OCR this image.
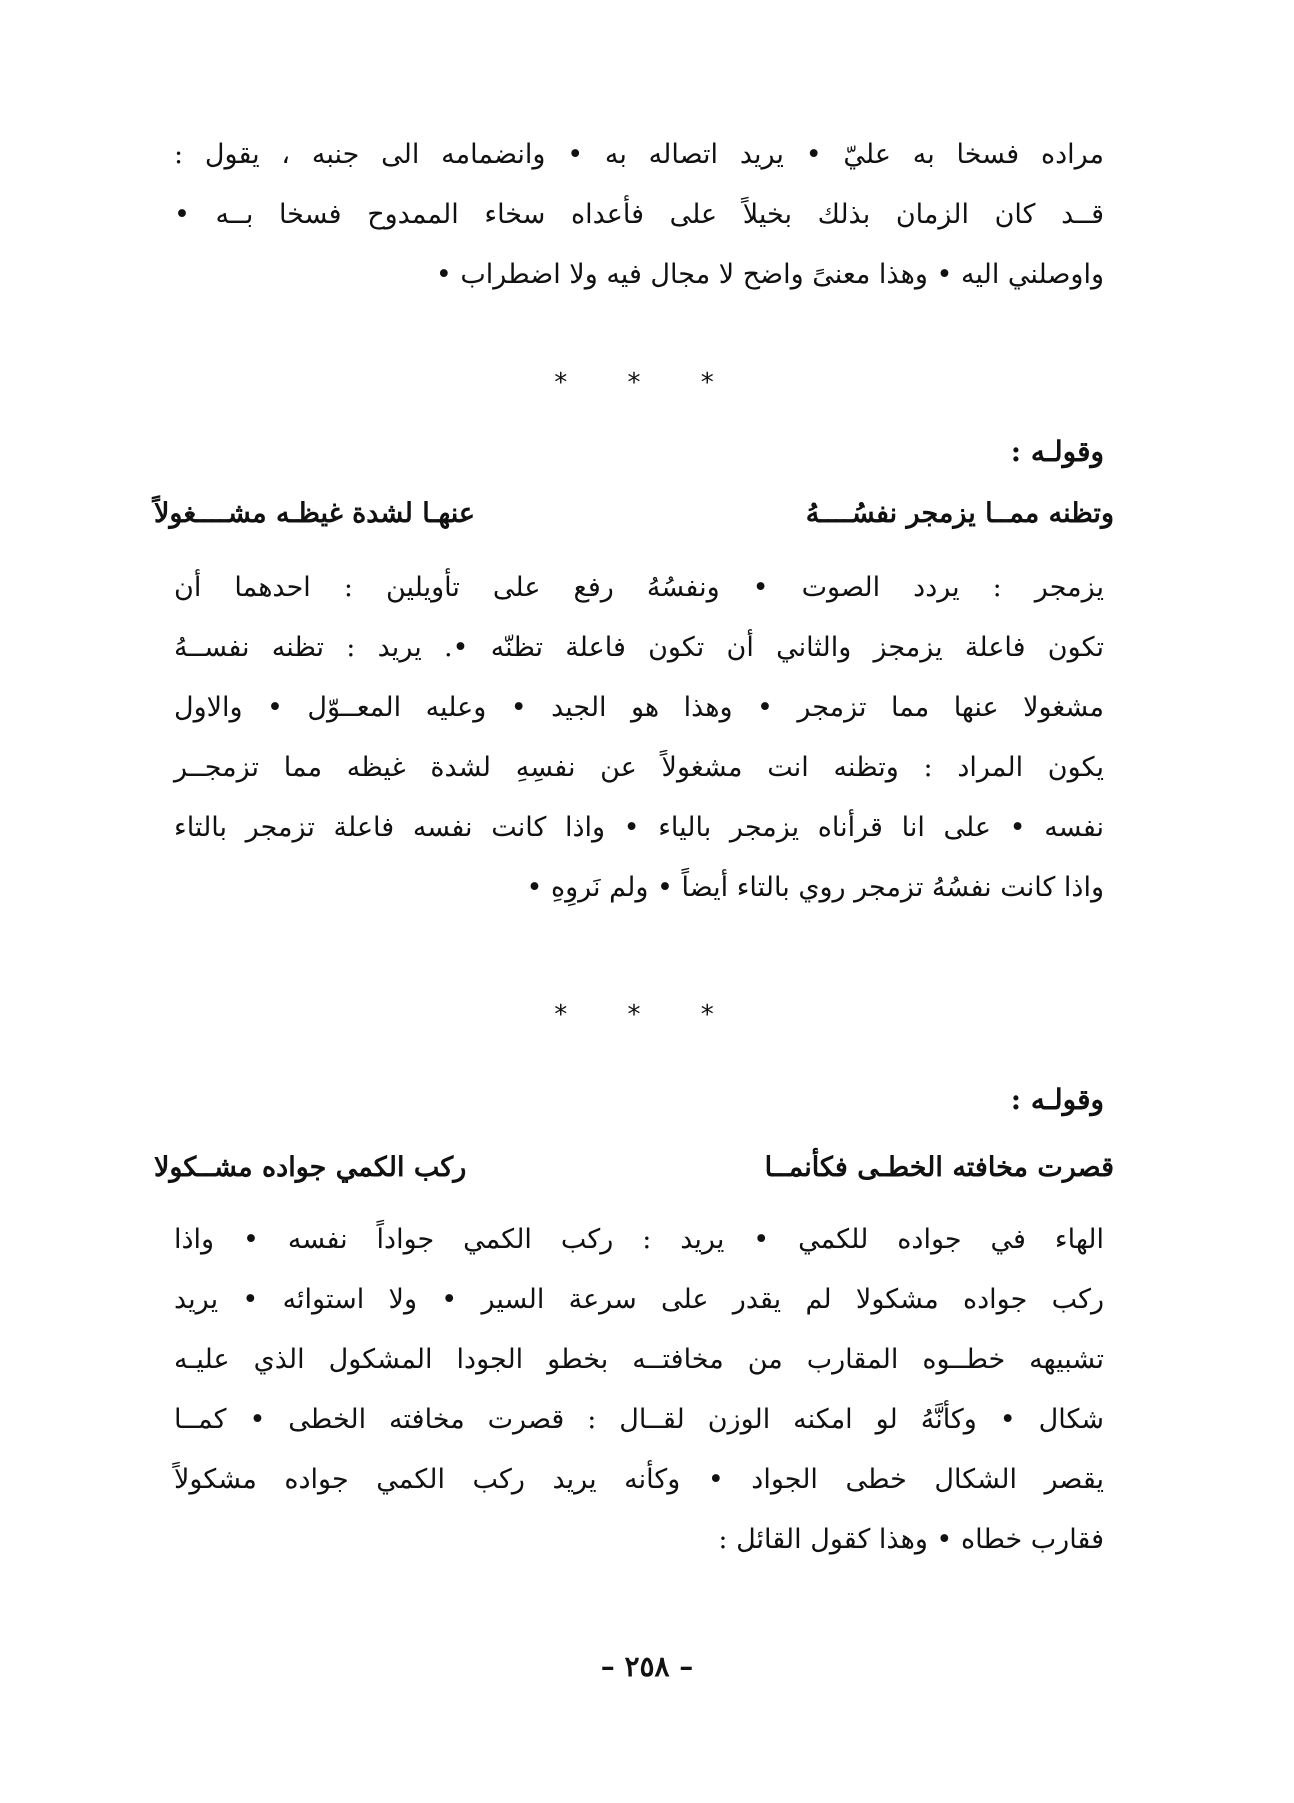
مراده فسخا به عليّ • يريد اتصاله به • وانضمامه الى جنبه ، يقول :
قــد كان الزمان بذلك بخيلاً على فأعداه سخاء الممدوح فسخا بــه •
واوصلني اليه • وهذا معنىً واضح لا مجال فيه ولا اضطراب •
* * *
وقولـه :
وتظنه ممــا يزمجر نفسُــــهُ
عنهـا لشدة غيظـه مشــــغولاً
يزمجر : يردد الصوت • ونفسُهُ رفع على تأويلين : احدهما أن
تكون فاعلة يزمجز والثاني أن تكون فاعلة تظنّه •. يريد : تظنه نفســهُ
مشغولا عنها مما تزمجر • وهذا هو الجيد • وعليه المعــوّل • والاول
يكون المراد : وتظنه انت مشغولاً عن نفسِهِ لشدة غيظه مما تزمجــر
نفسه • على انا قرأناه يزمجر بالياء • واذا كانت نفسه فاعلة تزمجر بالتاء
واذا كانت نفسُهُ تزمجر روي بالتاء أيضاً • ولم نَروِهِ •
* * *
وقولـه :
قصرت مخافته الخطـى فكأنمــا
ركب الكمي جواده مشــكولا
الهاء في جواده للكمي • يريد : ركب الكمي جواداً نفسه • واذا
ركب جواده مشكولا لم يقدر على سرعة السير • ولا استوائه • يريد
تشبيهه خطــوه المقارب من مخافتــه بخطو الجودا المشكول الذي عليـه
شكال • وكأنَّهُ لو امكنه الوزن لقــال : قصرت مخافته الخطى • كمــا
يقصر الشكال خطى الجواد • وكأنه يريد ركب الكمي جواده مشكولاً
فقارب خطاه • وهذا كقول القائل :
– ٢٥٨ –
